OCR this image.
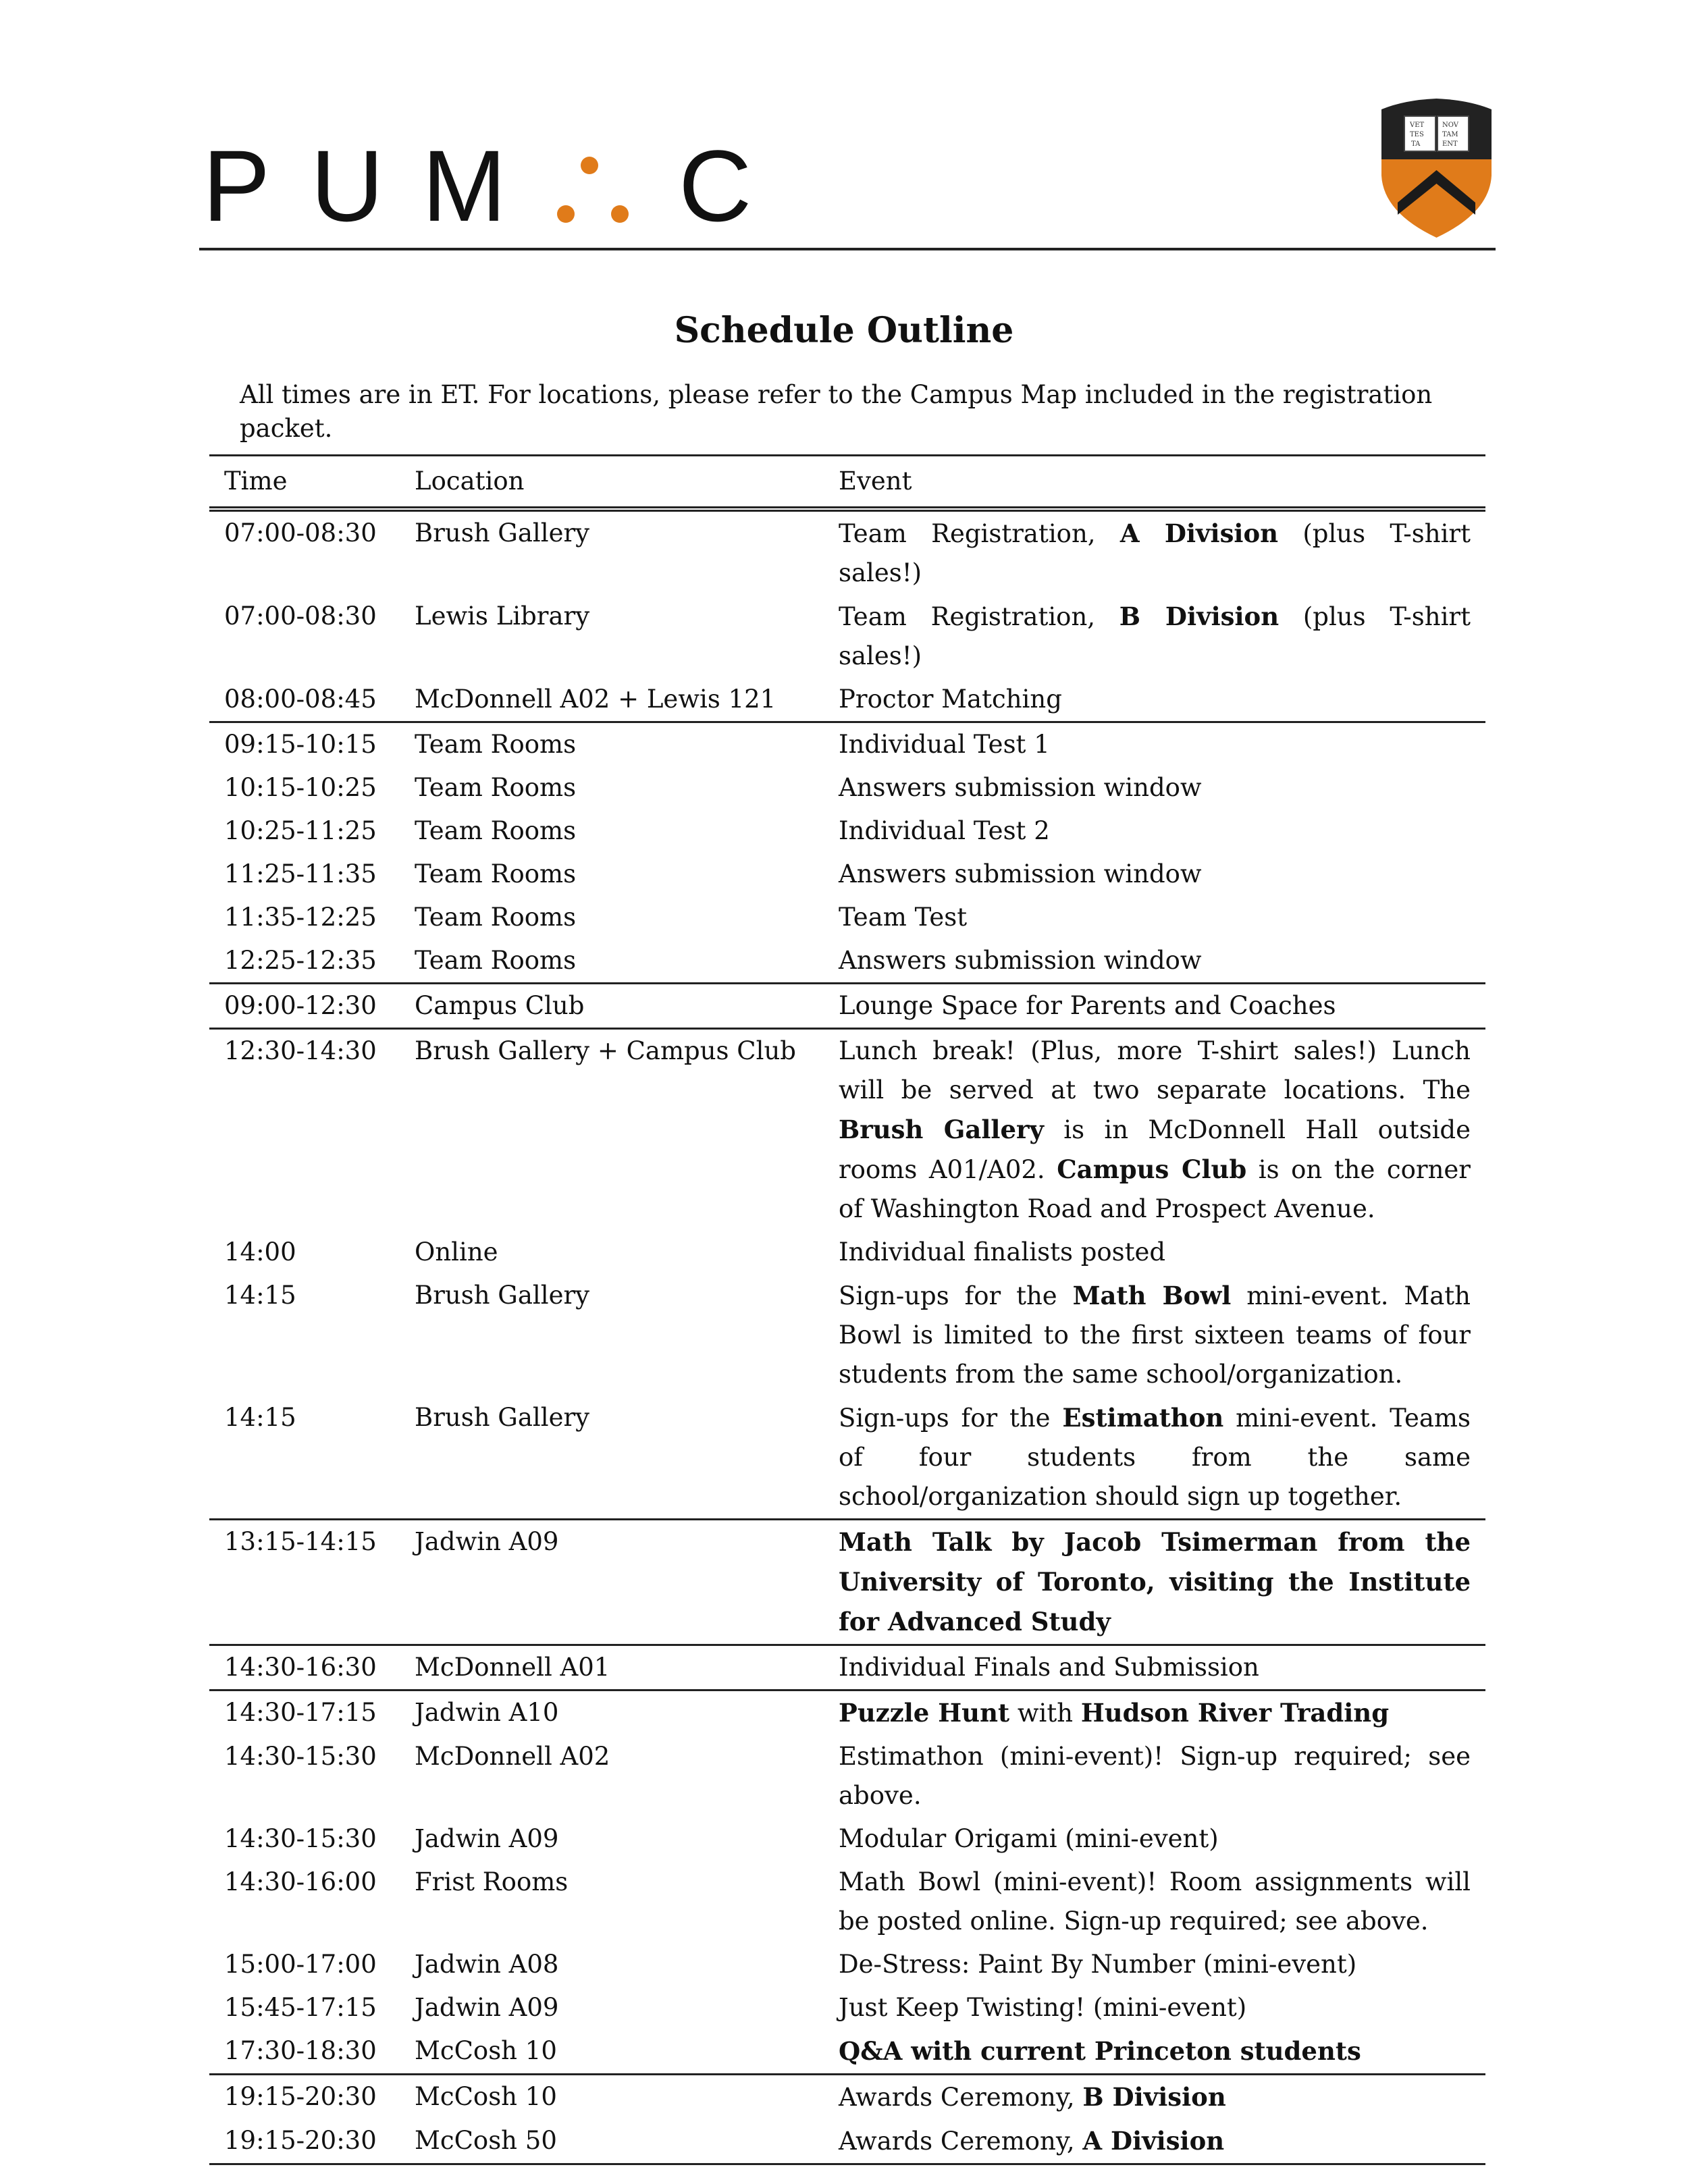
P U M C
VET
TES
TA
NOV
TAM
ENT
Schedule Outline
All times are in ET. For locations, please refer to the Campus Map included in the registration packet.
Time	Location	Event
07:00-08:30	Brush Gallery	Team Registration, A Division (plus T-shirt sales!)
07:00-08:30	Lewis Library	Team Registration, B Division (plus T-shirt sales!)
08:00-08:45	McDonnell A02 + Lewis 121	Proctor Matching
09:15-10:15	Team Rooms	Individual Test 1
10:15-10:25	Team Rooms	Answers submission window
10:25-11:25	Team Rooms	Individual Test 2
11:25-11:35	Team Rooms	Answers submission window
11:35-12:25	Team Rooms	Team Test
12:25-12:35	Team Rooms	Answers submission window
09:00-12:30	Campus Club	Lounge Space for Parents and Coaches
12:30-14:30	Brush Gallery + Campus Club	Lunch break! (Plus, more T-shirt sales!) Lunch will be served at two separate locations. The Brush Gallery is in McDonnell Hall outside rooms A01/A02. Campus Club is on the corner of Washington Road and Prospect Avenue.
14:00	Online	Individual finalists posted
14:15	Brush Gallery	Sign-ups for the Math Bowl mini-event. Math Bowl is limited to the first sixteen teams of four students from the same school/organization.
14:15	Brush Gallery	Sign-ups for the Estimathon mini-event. Teams of four students from the same school/organization should sign up together.
13:15-14:15	Jadwin A09	Math Talk by Jacob Tsimerman from the University of Toronto, visiting the Institute for Advanced Study
14:30-16:30	McDonnell A01	Individual Finals and Submission
14:30-17:15	Jadwin A10	Puzzle Hunt with Hudson River Trading
14:30-15:30	McDonnell A02	Estimathon (mini-event)! Sign-up required; see above.
14:30-15:30	Jadwin A09	Modular Origami (mini-event)
14:30-16:00	Frist Rooms	Math Bowl (mini-event)! Room assignments will be posted online. Sign-up required; see above.
15:00-17:00	Jadwin A08	De-Stress: Paint By Number (mini-event)
15:45-17:15	Jadwin A09	Just Keep Twisting! (mini-event)
17:30-18:30	McCosh 10	Q&A with current Princeton students
19:15-20:30	McCosh 10	Awards Ceremony, B Division
19:15-20:30	McCosh 50	Awards Ceremony, A Division
